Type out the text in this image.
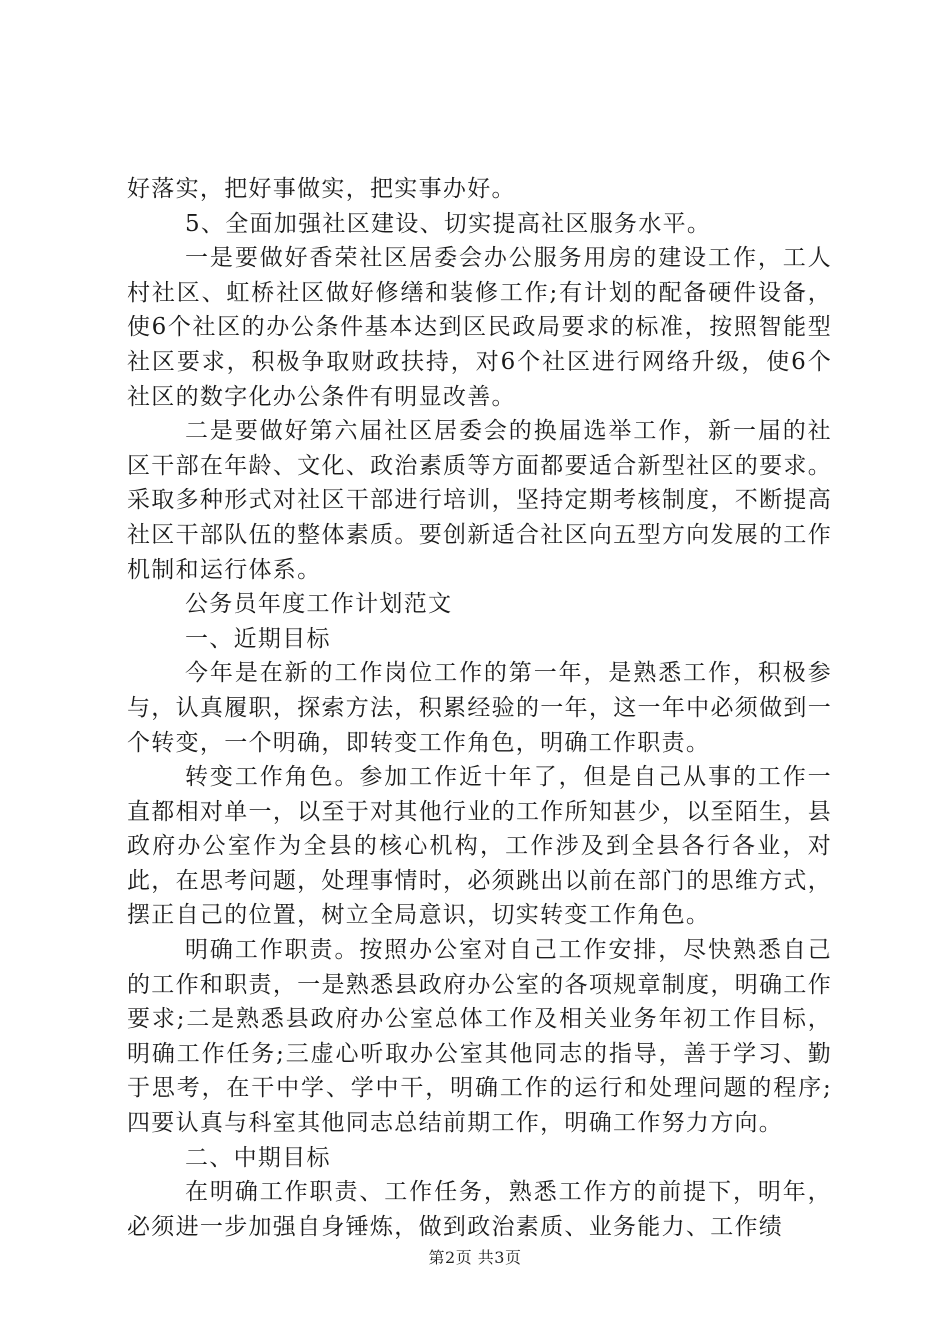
好落实，把好事做实，把实事办好。

5、全面加强社区建设、切实提高社区服务水平。

一是要做好香荣社区居委会办公服务用房的建设工作，工人村社区、虹桥社区做好修缮和装修工作;有计划的配备硬件设备，使6个社区的办公条件基本达到区民政局要求的标准，按照智能型社区要求，积极争取财政扶持，对6个社区进行网络升级，使6个社区的数字化办公条件有明显改善。

二是要做好第六届社区居委会的换届选举工作，新一届的社区干部在年龄、文化、政治素质等方面都要适合新型社区的要求。采取多种形式对社区干部进行培训，坚持定期考核制度，不断提高社区干部队伍的整体素质。要创新适合社区向五型方向发展的工作机制和运行体系。

公务员年度工作计划范文

一、近期目标

今年是在新的工作岗位工作的第一年，是熟悉工作，积极参与，认真履职，探索方法，积累经验的一年，这一年中必须做到一个转变，一个明确，即转变工作角色，明确工作职责。

转变工作角色。参加工作近十年了，但是自己从事的工作一直都相对单一，以至于对其他行业的工作所知甚少，以至陌生，县政府办公室作为全县的核心机构，工作涉及到全县各行各业，对此，在思考问题，处理事情时，必须跳出以前在部门的思维方式，摆正自己的位置，树立全局意识，切实转变工作角色。

明确工作职责。按照办公室对自己工作安排，尽快熟悉自己的工作和职责，一是熟悉县政府办公室的各项规章制度，明确工作要求;二是熟悉县政府办公室总体工作及相关业务年初工作目标，明确工作任务;三虚心听取办公室其他同志的指导，善于学习、勤于思考，在干中学、学中干，明确工作的运行和处理问题的程序;四要认真与科室其他同志总结前期工作，明确工作努力方向。

二、中期目标

在明确工作职责、工作任务，熟悉工作方的前提下，明年，必须进一步加强自身锤炼，做到政治素质、业务能力、工作绩

第2页 共3页
